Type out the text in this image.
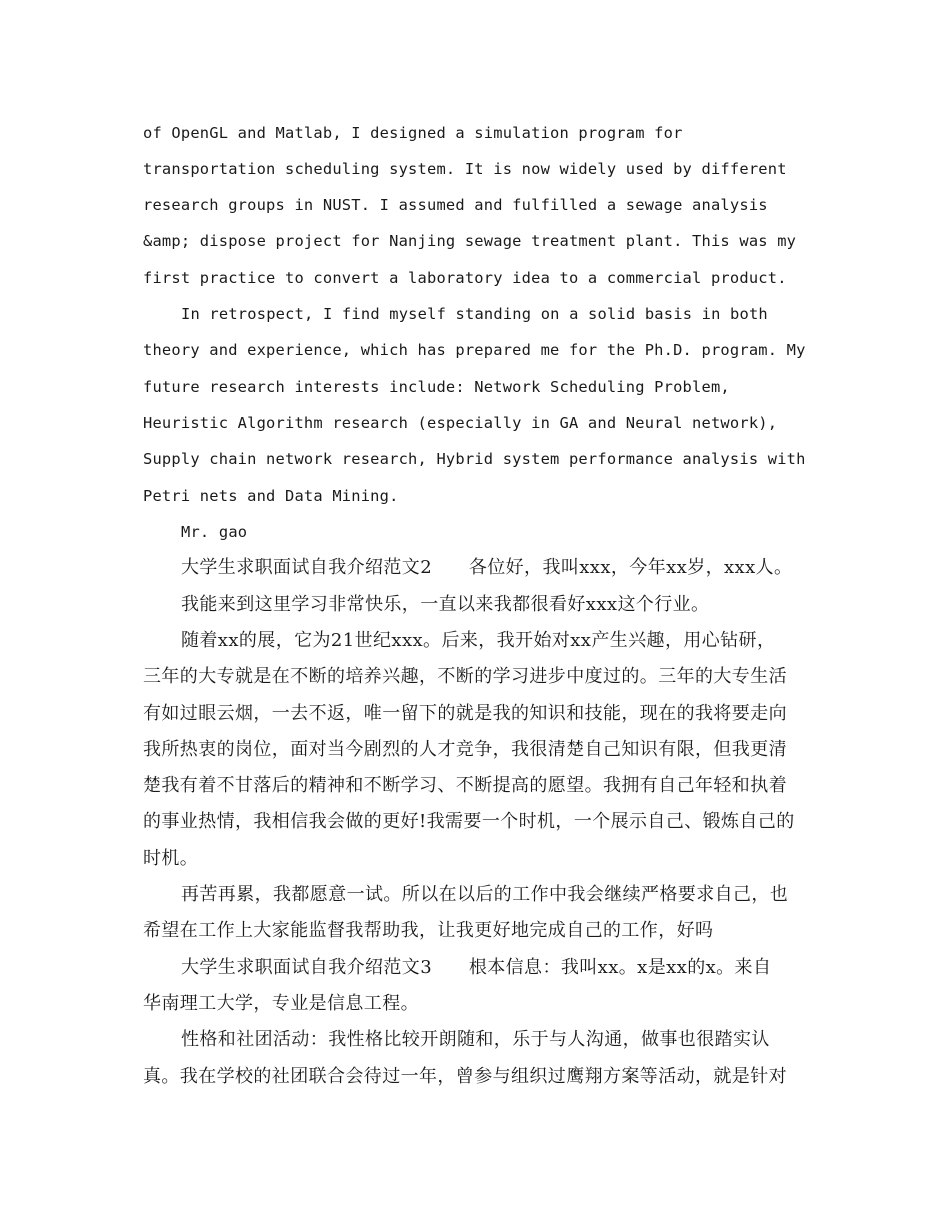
of OpenGL and Matlab, I designed a simulation program for
transportation scheduling system. It is now widely used by different
research groups in NUST. I assumed and fulfilled a sewage analysis
&amp; dispose project for Nanjing sewage treatment plant. This was my
first practice to convert a laboratory idea to a commercial product.
In retrospect, I find myself standing on a solid basis in both
theory and experience, which has prepared me for the Ph.D. program. My
future research interests include: Network Scheduling Problem,
Heuristic Algorithm research (especially in GA and Neural network),
Supply chain network research, Hybrid system performance analysis with
Petri nets and Data Mining.
Mr. gao
大学生求职面试自我介绍范文2　　各位好，我叫xxx，今年xx岁，xxx人。
我能来到这里学习非常快乐，一直以来我都很看好xxx这个行业。
随着xx的展，它为21世纪xxx。后来，我开始对xx产生兴趣，用心钻研，
三年的大专就是在不断的培养兴趣，不断的学习进步中度过的。三年的大专生活
有如过眼云烟，一去不返，唯一留下的就是我的知识和技能，现在的我将要走向
我所热衷的岗位，面对当今剧烈的人才竞争，我很清楚自己知识有限，但我更清
楚我有着不甘落后的精神和不断学习、不断提高的愿望。我拥有自己年轻和执着
的事业热情，我相信我会做的更好!我需要一个时机，一个展示自己、锻炼自己的
时机。
再苦再累，我都愿意一试。所以在以后的工作中我会继续严格要求自己，也
希望在工作上大家能监督我帮助我，让我更好地完成自己的工作，好吗
大学生求职面试自我介绍范文3　　根本信息：我叫xx。x是xx的x。来自
华南理工大学，专业是信息工程。
性格和社团活动：我性格比较开朗随和，乐于与人沟通，做事也很踏实认
真。我在学校的社团联合会待过一年，曾参与组织过鹰翔方案等活动，就是针对
